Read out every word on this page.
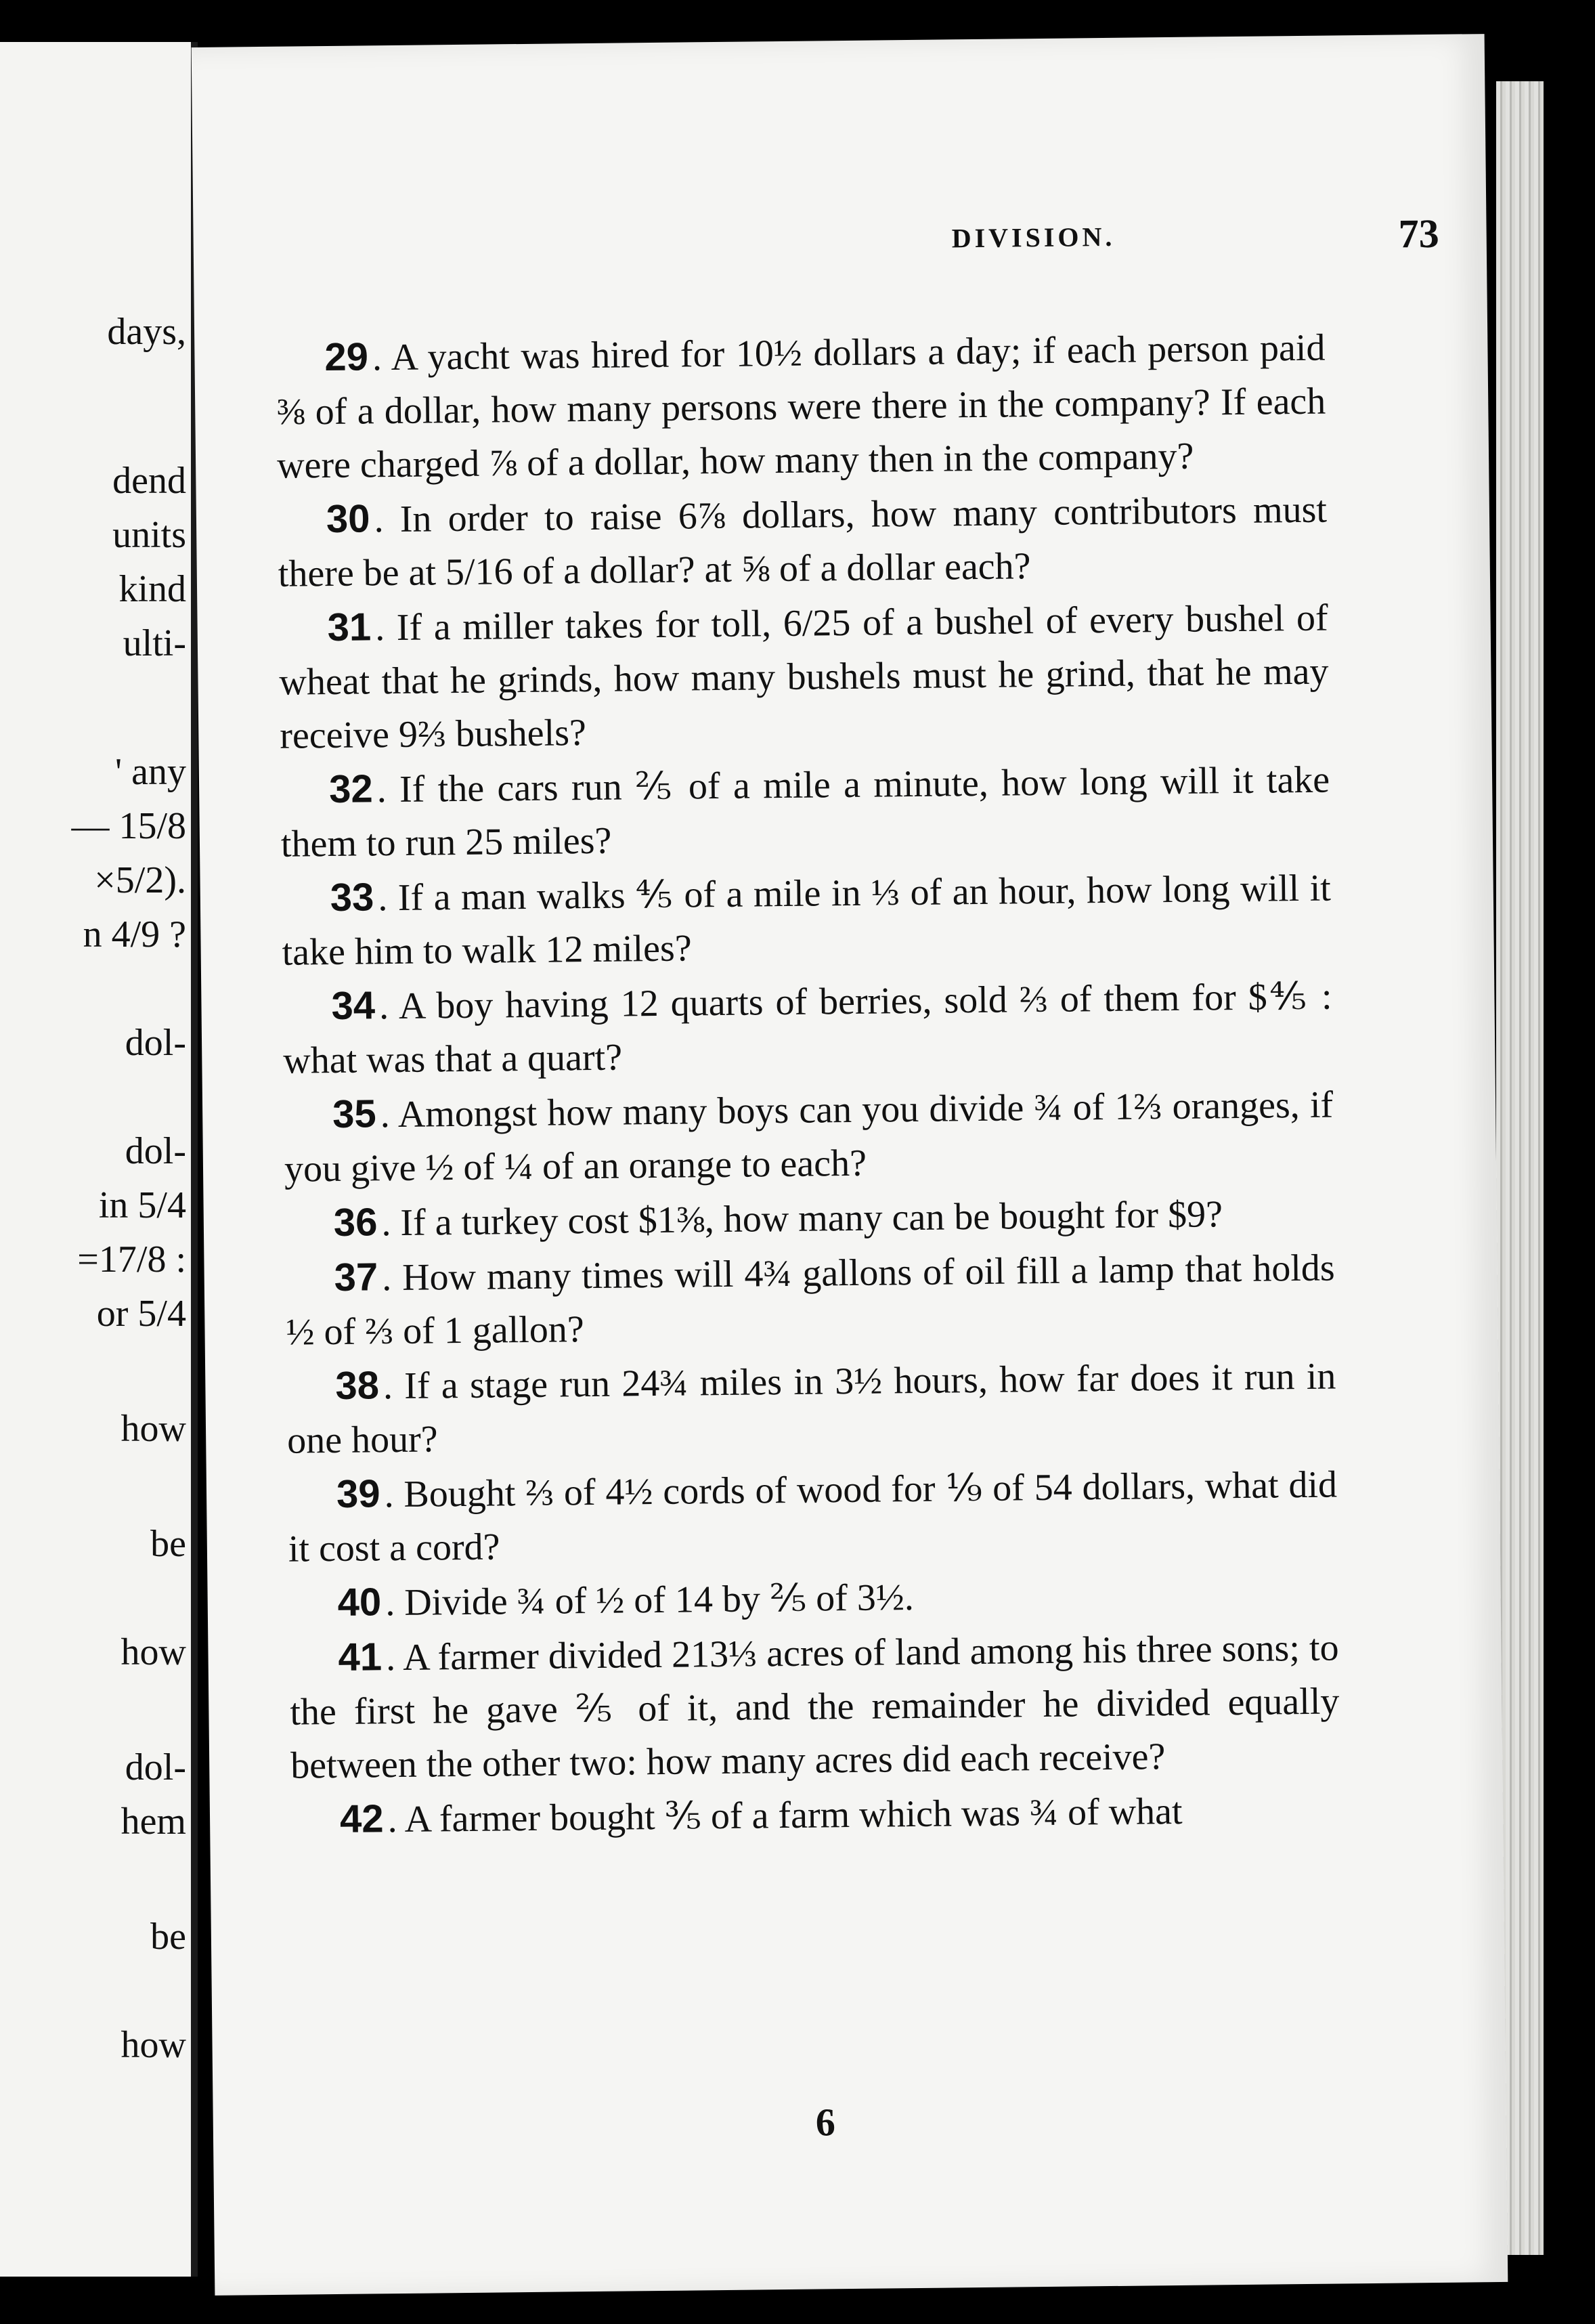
days,
dend
units
kind
ulti-
' any
— 15/8
×5/2).
n 4/9 ?
dol-
dol-
in 5/4
=17/8 :
or 5/4
how
be
how
dol-
hem
be
how
DIVISION.	73

29. A yacht was hired for 10½ dollars a day; if each person paid ⅜ of a dollar, how many persons were there in the company? If each were charged ⅞ of a dollar, how many then in the company?

30. In order to raise 6⅞ dollars, how many contributors must there be at 5/16 of a dollar? at ⅝ of a dollar each?

31. If a miller takes for toll, 6/25 of a bushel of every bushel of wheat that he grinds, how many bushels must he grind, that he may receive 9⅔ bushels?

32. If the cars run ⅖ of a mile a minute, how long will it take them to run 25 miles?

33. If a man walks ⅘ of a mile in ⅓ of an hour, how long will it take him to walk 12 miles?

34. A boy having 12 quarts of berries, sold ⅔ of them for $⅘ : what was that a quart?

35. Amongst how many boys can you divide ¾ of 1⅔ oranges, if you give ½ of ¼ of an orange to each?

36. If a turkey cost $1⅜, how many can be bought for $9?

37. How many times will 4¾ gallons of oil fill a lamp that holds ½ of ⅔ of 1 gallon?

38. If a stage run 24¾ miles in 3½ hours, how far does it run in one hour?

39. Bought ⅔ of 4½ cords of wood for ⅑ of 54 dollars, what did it cost a cord?

40. Divide ¾ of ½ of 14 by ⅖ of 3½.

41. A farmer divided 213⅓ acres of land among his three sons; to the first he gave ⅖ of it, and the remainder he divided equally between the other two: how many acres did each receive?

42. A farmer bought ⅗ of a farm which was ¾ of what

6
